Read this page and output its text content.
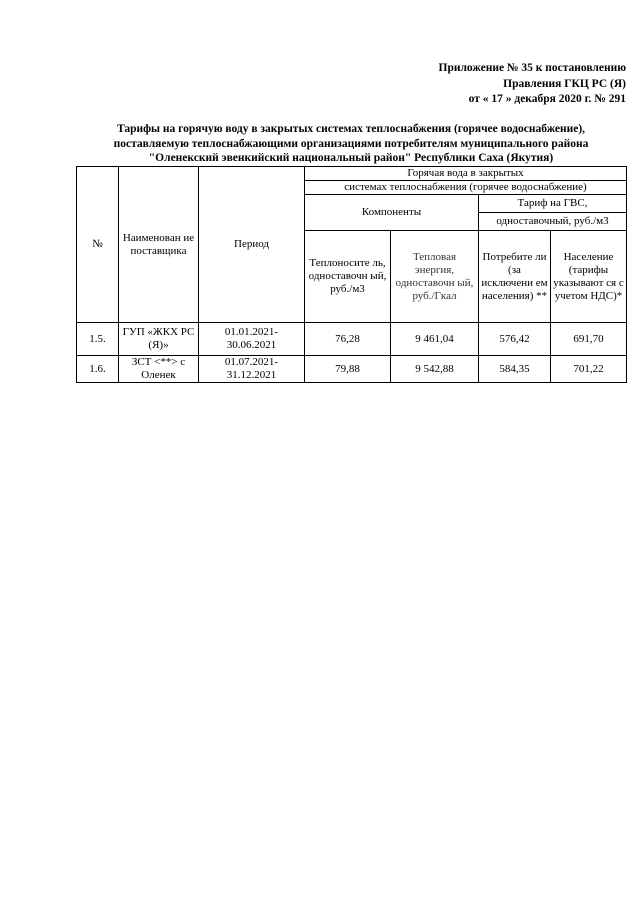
Приложение № 35 к постановлению
Правления ГКЦ РС (Я)
от « 17 » декабря 2020 г. № 291
Тарифы на горячую воду в закрытых системах теплоснабжения (горячее водоснабжение),
поставляемую теплоснабжающими организациями потребителям муниципального района
"Оленекский эвенкийский национальный район" Республики Саха (Якутия)
№	Наименован ие поставщика	Период	Горячая вода в закрытых			
			системах теплоснабжения (горячее водоснабжение)			
			Компоненты		Тариф на ГВС,	
					одноставочный, руб./м3	
			Теплоносите ль, одноставочн ый, руб./м3	Тепловая энергия, одноставочн ый, руб./Гкал	Потребите ли (за исключени ем населения) **	Население (тарифы указывают ся с учетом НДС)*
1.5.	ГУП «ЖКХ РС (Я)»	01.01.2021-30.06.2021	76,28	9 461,04	576,42	691,70
1.6.	ЗСТ <**> с Оленек	01.07.2021-31.12.2021	79,88	9 542,88	584,35	701,22
